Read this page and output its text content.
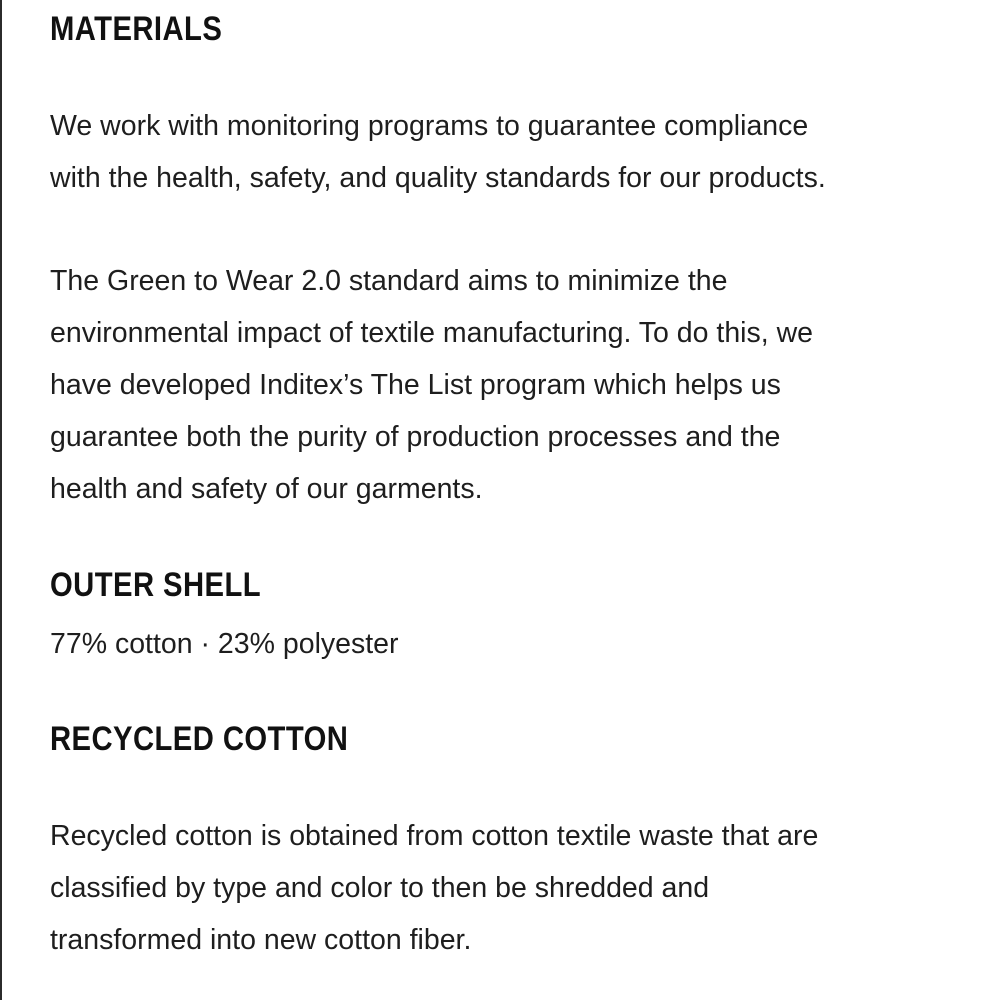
MATERIALS

We work with monitoring programs to guarantee compliance
with the health, safety, and quality standards for our products.

The Green to Wear 2.0 standard aims to minimize the
environmental impact of textile manufacturing. To do this, we
have developed Inditex’s The List program which helps us
guarantee both the purity of production processes and the
health and safety of our garments.

OUTER SHELL

77% cotton · 23% polyester

RECYCLED COTTON

Recycled cotton is obtained from cotton textile waste that are
classified by type and color to then be shredded and
transformed into new cotton fiber.
